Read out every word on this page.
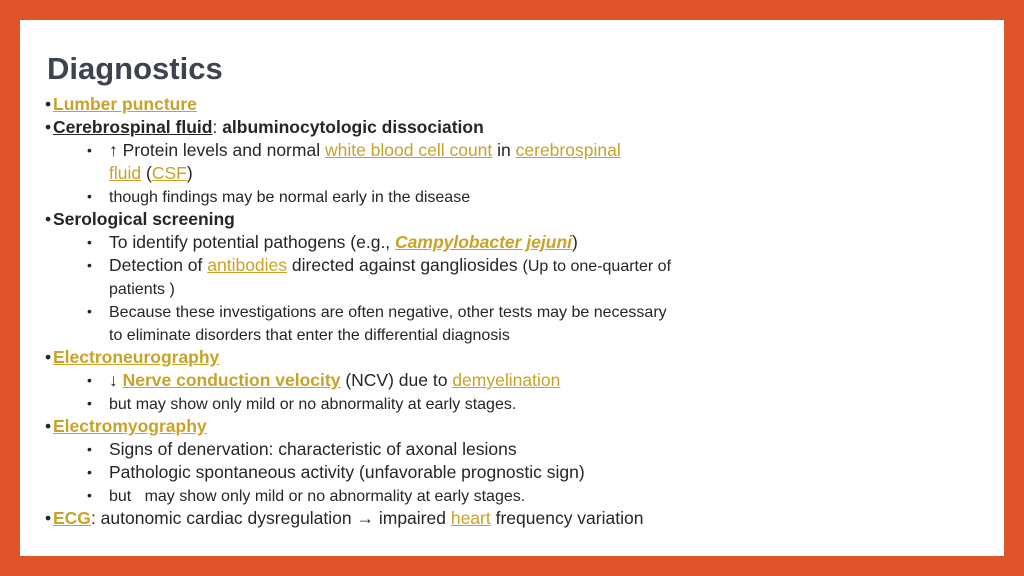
Diagnostics
• Lumber puncture
• Cerebrospinal fluid: albuminocytologic dissociation
• ↑ Protein levels and normal white blood cell count in cerebrospinal
fluid (CSF)
• though findings may be normal early in the disease
• Serological screening
• To identify potential pathogens (e.g., Campylobacter jejuni)
• Detection of antibodies directed against gangliosides (Up to one-quarter of
patients )
• Because these investigations are often negative, other tests may be necessary
to eliminate disorders that enter the differential diagnosis
• Electroneurography
• ↓ Nerve conduction velocity (NCV) due to demyelination
• but may show only mild or no abnormality at early stages.
• Electromyography
• Signs of denervation: characteristic of axonal lesions
• Pathologic spontaneous activity (unfavorable prognostic sign)
• but   may show only mild or no abnormality at early stages.
• ECG: autonomic cardiac dysregulation → impaired heart frequency variation
